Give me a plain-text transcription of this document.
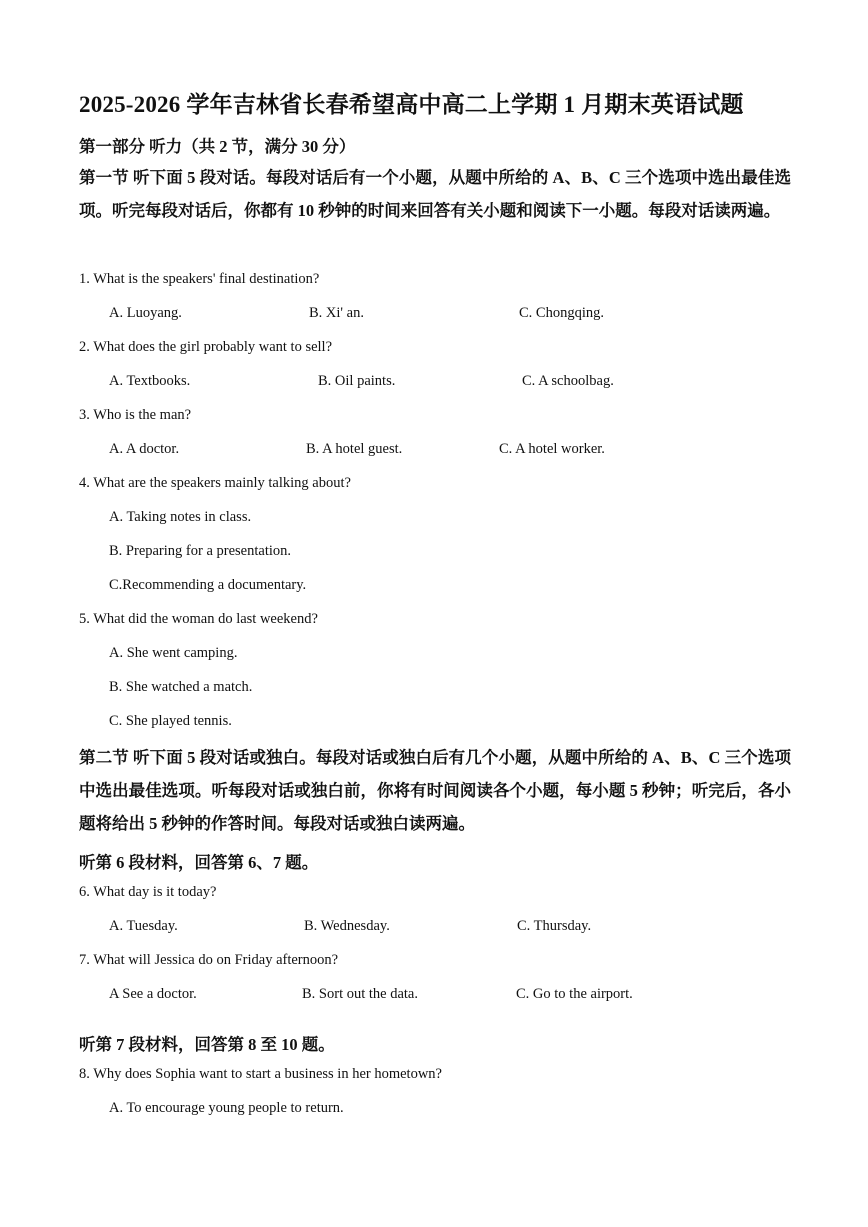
2025-2026 学年吉林省长春希望高中高二上学期 1 月期末英语试题
第一部分 听力（共 2 节，满分 30 分）
第一节 听下面 5 段对话。每段对话后有一个小题，从题中所给的 A、B、C 三个选项中选出最佳选项。听完每段对话后，你都有 10 秒钟的时间来回答有关小题和阅读下一小题。每段对话读两遍。
1. What is the speakers' final destination?
A. Luoyang.	B. Xi' an.	C. Chongqing.
2. What does the girl probably want to sell?
A. Textbooks.	B. Oil paints.	C. A schoolbag.
3. Who is the man?
A. A doctor.	B. A hotel guest.	C. A hotel worker.
4. What are the speakers mainly talking about?
A. Taking notes in class.
B. Preparing for a presentation.
C.Recommending a documentary.
5. What did the woman do last weekend?
A. She went camping.
B. She watched a match.
C. She played tennis.
第二节 听下面 5 段对话或独白。每段对话或独白后有几个小题，从题中所给的 A、B、C 三个选项中选出最佳选项。听每段对话或独白前，你将有时间阅读各个小题，每小题 5 秒钟；听完后，各小题将给出 5 秒钟的作答时间。每段对话或独白读两遍。
听第 6 段材料，回答第 6、7 题。
6. What day is it today?
A. Tuesday.	B. Wednesday.	C. Thursday.
7. What will Jessica do on Friday afternoon?
A See a doctor.	B. Sort out the data.	C. Go to the airport.
听第 7 段材料，回答第 8 至 10 题。
8. Why does Sophia want to start a business in her hometown?
A. To encourage young people to return.
